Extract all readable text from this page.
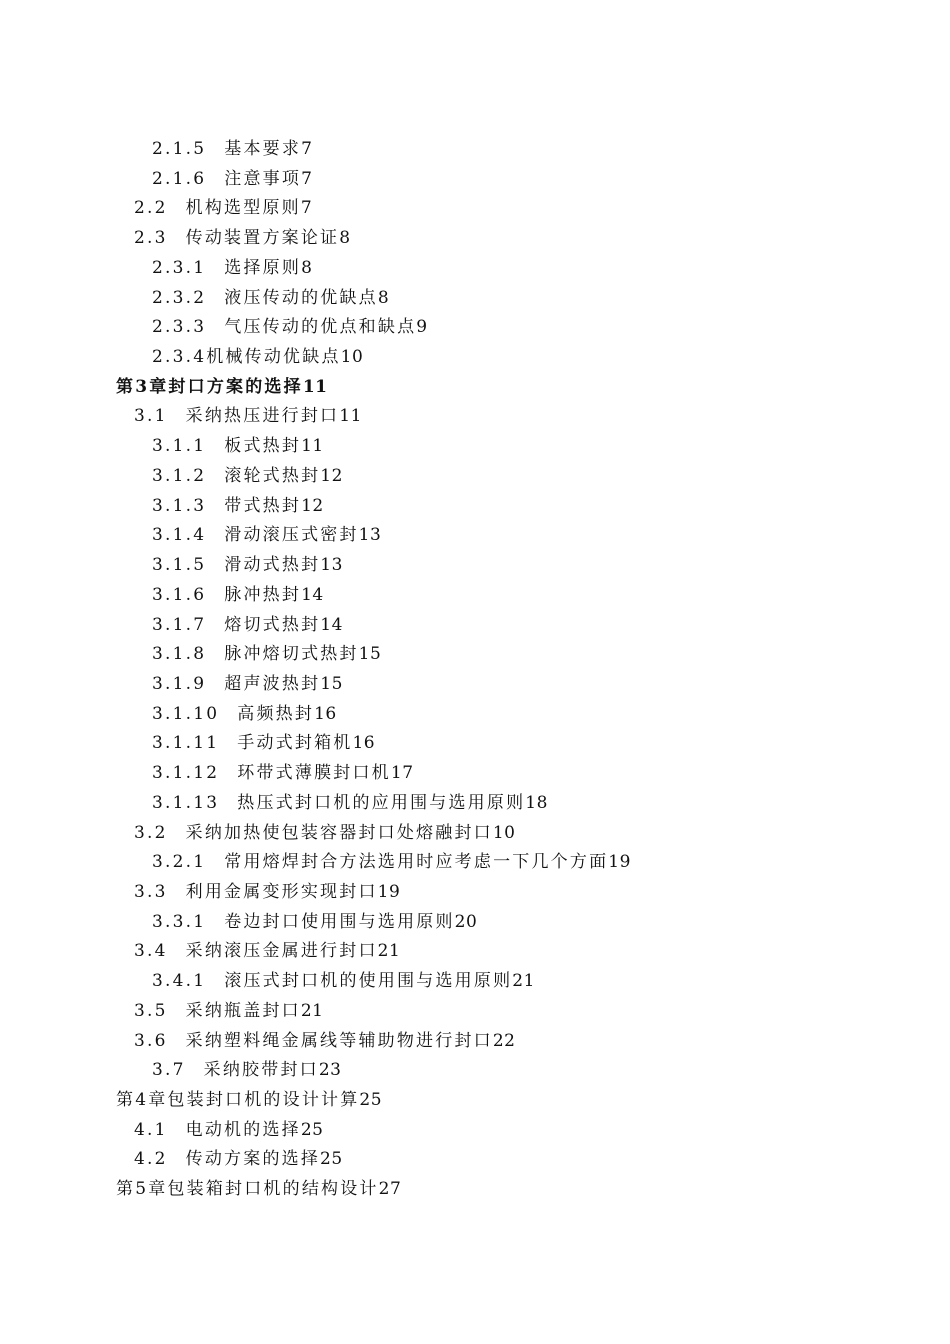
2.1.5 基本要求7
2.1.6 注意事项7
2.2 机构选型原则7
2.3 传动装置方案论证8
2.3.1 选择原则8
2.3.2 液压传动的优缺点8
2.3.3 气压传动的优点和缺点9
2.3.4机械传动优缺点10
第3章封口方案的选择11
3.1 采纳热压进行封口11
3.1.1 板式热封11
3.1.2 滚轮式热封12
3.1.3 带式热封12
3.1.4 滑动滚压式密封13
3.1.5 滑动式热封13
3.1.6 脉冲热封14
3.1.7 熔切式热封14
3.1.8 脉冲熔切式热封15
3.1.9 超声波热封15
3.1.10 高频热封16
3.1.11 手动式封箱机16
3.1.12 环带式薄膜封口机17
3.1.13 热压式封口机的应用围与选用原则18
3.2 采纳加热使包装容器封口处熔融封口10
3.2.1 常用熔焊封合方法选用时应考虑一下几个方面19
3.3 利用金属变形实现封口19
3.3.1 卷边封口使用围与选用原则20
3.4 采纳滚压金属进行封口21
3.4.1 滚压式封口机的使用围与选用原则21
3.5 采纳瓶盖封口21
3.6 采纳塑料绳金属线等辅助物进行封口22
3.7 采纳胶带封口23
第4章包装封口机的设计计算25
4.1 电动机的选择25
4.2 传动方案的选择25
第5章包装箱封口机的结构设计27
